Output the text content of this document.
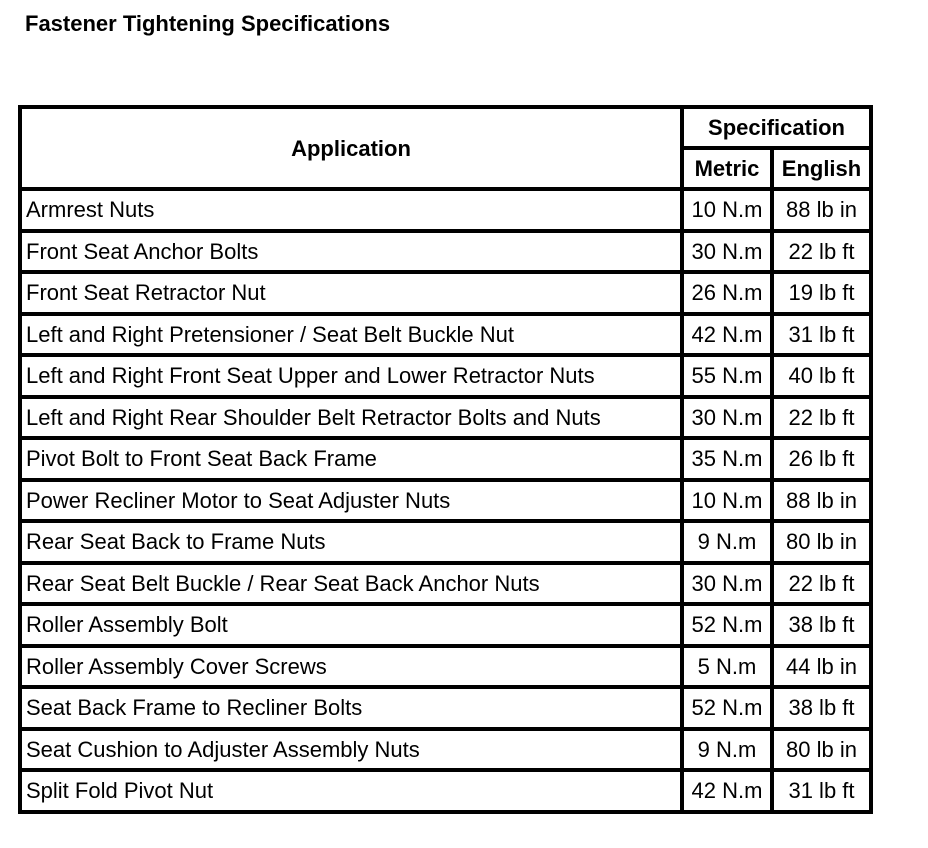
Fastener Tightening Specifications
Application	Specification	
	Metric	English
Armrest Nuts	10 N.m	88 lb in
Front Seat Anchor Bolts	30 N.m	22 lb ft
Front Seat Retractor Nut	26 N.m	19 lb ft
Left and Right Pretensioner / Seat Belt Buckle Nut	42 N.m	31 lb ft
Left and Right Front Seat Upper and Lower Retractor Nuts	55 N.m	40 lb ft
Left and Right Rear Shoulder Belt Retractor Bolts and Nuts	30 N.m	22 lb ft
Pivot Bolt to Front Seat Back Frame	35 N.m	26 lb ft
Power Recliner Motor to Seat Adjuster Nuts	10 N.m	88 lb in
Rear Seat Back to Frame Nuts	9 N.m	80 lb in
Rear Seat Belt Buckle / Rear Seat Back Anchor Nuts	30 N.m	22 lb ft
Roller Assembly Bolt	52 N.m	38 lb ft
Roller Assembly Cover Screws	5 N.m	44 lb in
Seat Back Frame to Recliner Bolts	52 N.m	38 lb ft
Seat Cushion to Adjuster Assembly Nuts	9 N.m	80 lb in
Split Fold Pivot Nut	42 N.m	31 lb ft
